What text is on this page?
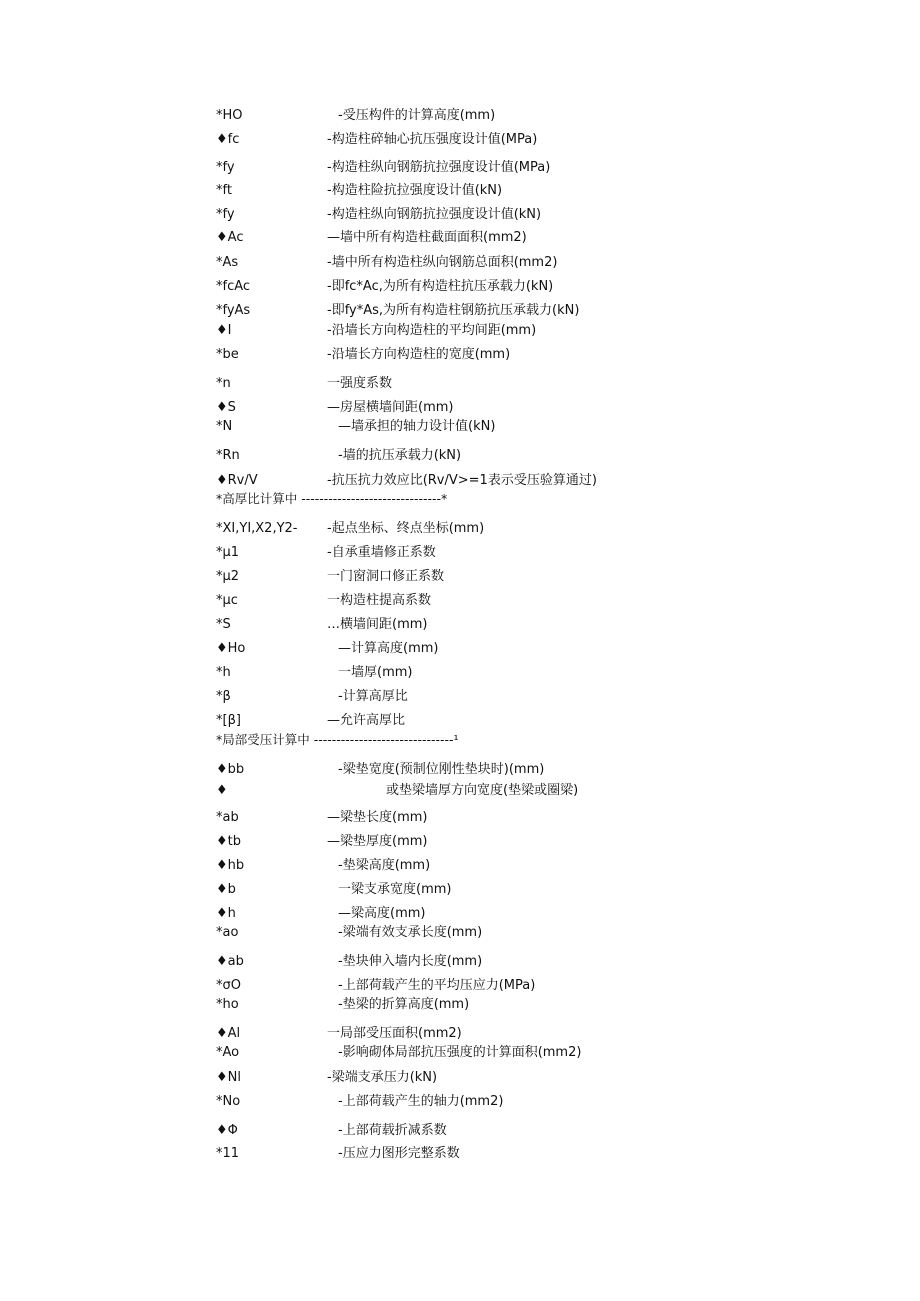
*HO	-受压构件的计算高度(mm)
♦fc	-构造柱碎轴心抗压强度设计值(MPa)
*fy	-构造柱纵向钢筋抗拉强度设计值(MPa)
*ft	-构造柱险抗拉强度设计值(kN)
*fy	-构造柱纵向钢筋抗拉强度设计值(kN)
♦Ac	—墙中所有构造柱截面面积(mm2)
*As	-墙中所有构造柱纵向钢筋总面积(mm2)
*fcAc	-即fc*Ac,为所有构造柱抗压承载力(kN)
*fyAs	-即fy*As,为所有构造柱钢筋抗压承载力(kN)
♦I	-沿墙长方向构造柱的平均间距(mm)
*be	-沿墙长方向构造柱的宽度(mm)
*n	一强度系数
♦S	—房屋横墙间距(mm)
*N	—墙承担的轴力设计值(kN)
*Rn	-墙的抗压承载力(kN)
♦Rv/V	-抗压抗力效应比(Rv/V>=1表示受压验算通过)
*高厚比计算中 -------------------------------*
*XI,YI,X2,Y2- -起点坐标、终点坐标(mm)
*μ1	-自承重墙修正系数
*μ2	一门窗洞口修正系数
*μc	一构造柱提高系数
*S	…横墙间距(mm)
♦Ho	—计算高度(mm)
*h	一墙厚(mm)
*β	-计算高厚比
*[β]	—允许高厚比
*局部受压计算中 -------------------------------¹
♦bb	-梁垫宽度(预制位刚性垫块时)(mm)
♦	或垫梁墙厚方向宽度(垫梁或圈梁)
*ab	—梁垫长度(mm)
♦tb	—梁垫厚度(mm)
♦hb	-垫梁高度(mm)
♦b	一梁支承宽度(mm)
♦h	—梁高度(mm)
*ao	-梁端有效支承长度(mm)
♦ab	-垫块伸入墙内长度(mm)
*σO	-上部荷载产生的平均压应力(MPa)
*ho	-垫梁的折算高度(mm)
♦Al	一局部受压面积(mm2)
*Ao	-影响砌体局部抗压强度的计算面积(mm2)
♦Nl	-梁端支承压力(kN)
*No	-上部荷载产生的轴力(mm2)
♦Φ	-上部荷载折减系数
*11	-压应力图形完整系数
